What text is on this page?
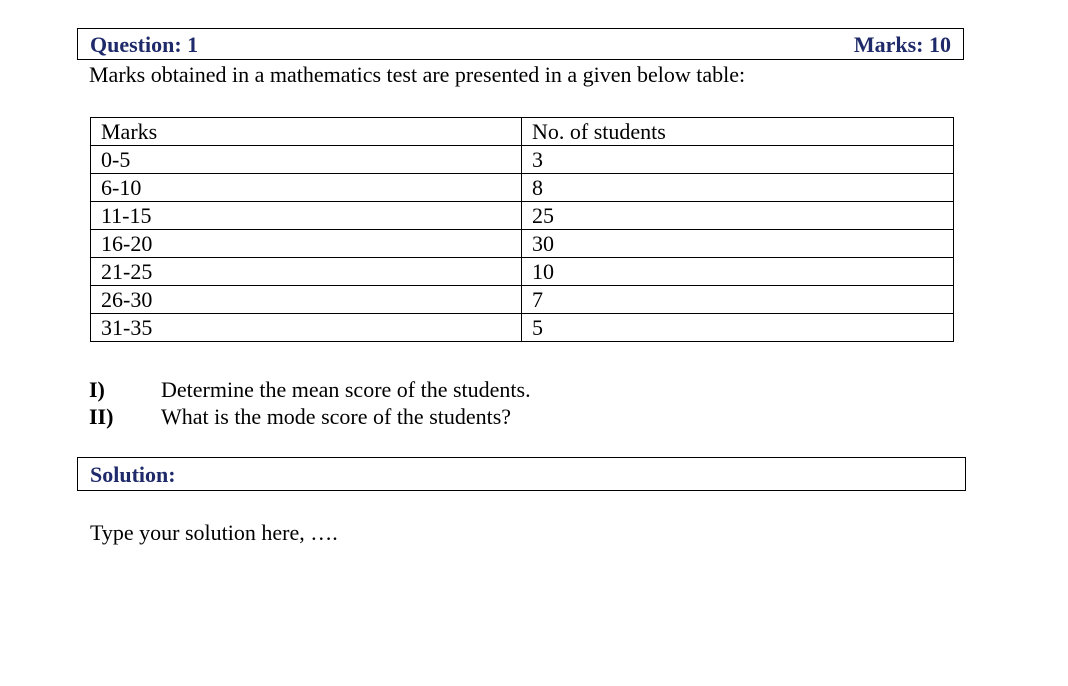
Question: 1	Marks: 10
Marks obtained in a mathematics test are presented in a given below table:
Marks	No. of students
0-5	3
6-10	8
11-15	25
16-20	30
21-25	10
26-30	7
31-35	5
I)	Determine the mean score of the students.
II)	What is the mode score of the students?
Solution:
Type your solution here, ….
